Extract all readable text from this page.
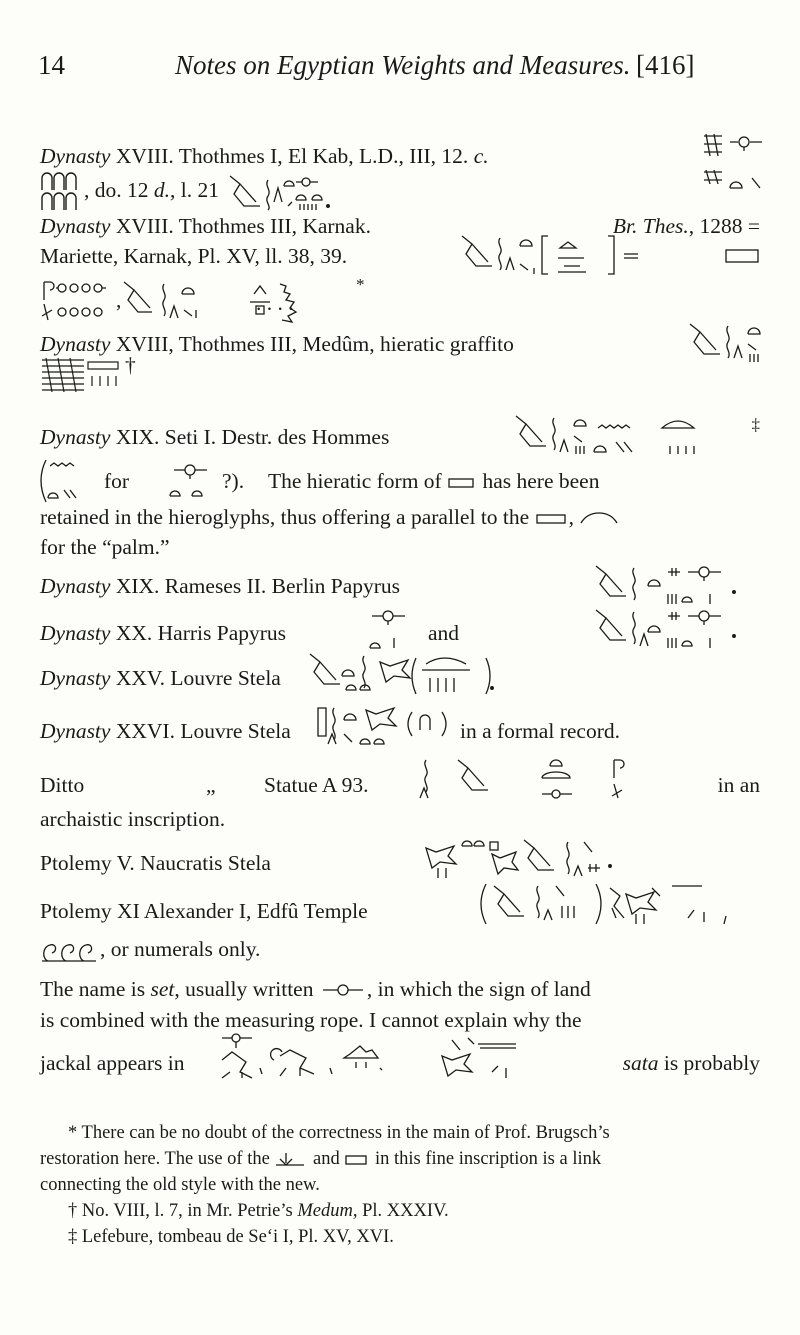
14	Notes on Egyptian Weights and Measures. [416]
Dynasty XVIII. Thothmes I, El Kab, L.D., III, 12. c.
, do. 12 d., l. 21
Dynasty XVIII. Thothmes III, Karnak.	Br. Thes., 1288 =
Mariette, Karnak, Pl. XV, ll. 38, 39.
,	. . . .
*
Dynasty XVIII, Thothmes III, Medûm, hieratic graffito
†
Dynasty XIX. Seti I. Destr. des Hommes
‡
for	?). The hieratic form of has here been
retained in the hieroglyphs, thus offering a parallel to the ,
for the “palm.”
Dynasty XIX. Rameses II. Berlin Papyrus
Dynasty XX. Harris Papyrus	and
Dynasty XXV. Louvre Stela
Dynasty XXVI. Louvre Stela	in a formal record.
Ditto	„ Statue A 93.	in an
archaistic inscription.
Ptolemy V. Naucratis Stela
Ptolemy XI Alexander I, Edfû Temple
, or numerals only.
The name is set, usually written , in which the sign of land
is combined with the measuring rope. I cannot explain why the
jackal appears in	sata is probably
* There can be no doubt of the correctness in the main of Prof. Brugsch’s
restoration here. The use of the and in this fine inscription is a link
connecting the old style with the new.
† No. VIII, l. 7, in Mr. Petrie’s Medum, Pl. XXXIV.
‡ Lefebure, tombeau de Se‘i I, Pl. XV, XVI.
